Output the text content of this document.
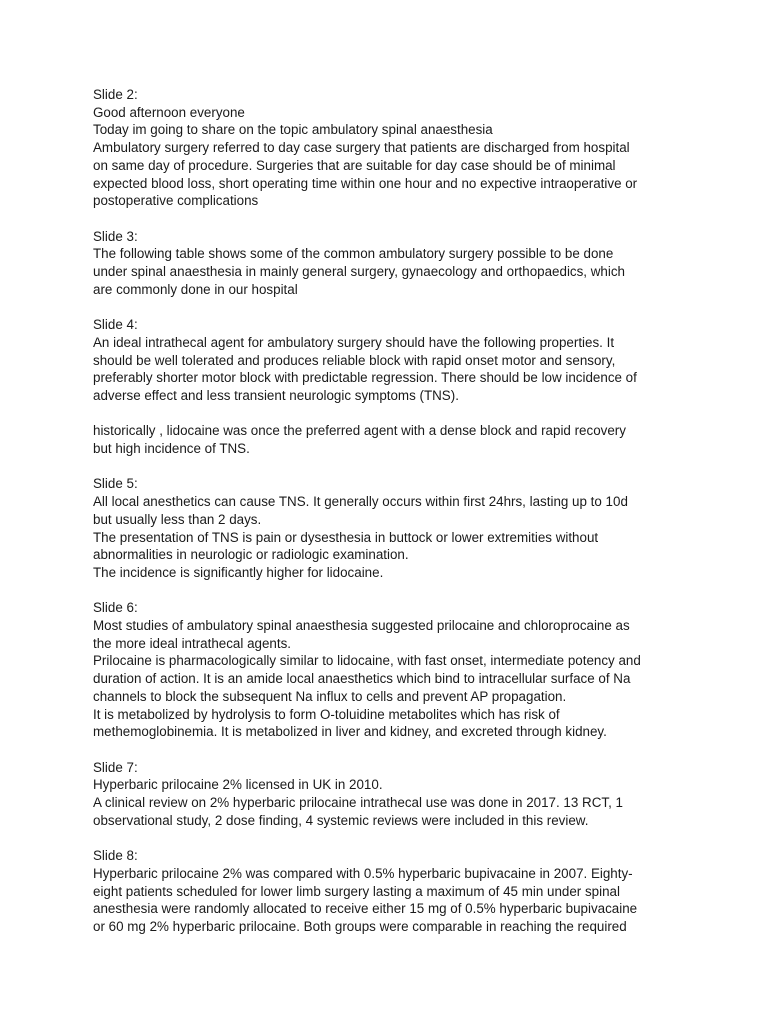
Slide 2:
Good afternoon everyone
Today im going to share on the topic ambulatory spinal anaesthesia
Ambulatory surgery referred to day case surgery that patients are discharged from hospital
on same day of procedure. Surgeries that are suitable for day case should be of minimal
expected blood loss, short operating time within one hour and no expective intraoperative or
postoperative complications
Slide 3:
The following table shows some of the common ambulatory surgery possible to be done
under spinal anaesthesia in mainly general surgery, gynaecology and orthopaedics, which
are commonly done in our hospital
Slide 4:
An ideal intrathecal agent for ambulatory surgery should have the following properties. It
should be well tolerated and produces reliable block with rapid onset motor and sensory,
preferably shorter motor block with predictable regression. There should be low incidence of
adverse effect and less transient neurologic symptoms (TNS).
historically , lidocaine was once the preferred agent with a dense block and rapid recovery
but high incidence of TNS.
Slide 5:
All local anesthetics can cause TNS. It generally occurs within first 24hrs, lasting up to 10d
but usually less than 2 days.
The presentation of TNS is pain or dysesthesia in buttock or lower extremities without
abnormalities in neurologic or radiologic examination.
The incidence is significantly higher for lidocaine.
Slide 6:
Most studies of ambulatory spinal anaesthesia suggested prilocaine and chloroprocaine as
the more ideal intrathecal agents.
Prilocaine is pharmacologically similar to lidocaine, with fast onset, intermediate potency and
duration of action. It is an amide local anaesthetics which bind to intracellular surface of Na
channels to block the subsequent Na influx to cells and prevent AP propagation.
It is metabolized by hydrolysis to form O-toluidine metabolites which has risk of
methemoglobinemia. It is metabolized in liver and kidney, and excreted through kidney.
Slide 7:
Hyperbaric prilocaine 2% licensed in UK in 2010.
A clinical review on 2% hyperbaric prilocaine intrathecal use was done in 2017. 13 RCT, 1
observational study, 2 dose finding, 4 systemic reviews were included in this review.
Slide 8:
Hyperbaric prilocaine 2% was compared with 0.5% hyperbaric bupivacaine in 2007. Eighty-
eight patients scheduled for lower limb surgery lasting a maximum of 45 min under spinal
anesthesia were randomly allocated to receive either 15 mg of 0.5% hyperbaric bupivacaine
or 60 mg 2% hyperbaric prilocaine. Both groups were comparable in reaching the required
